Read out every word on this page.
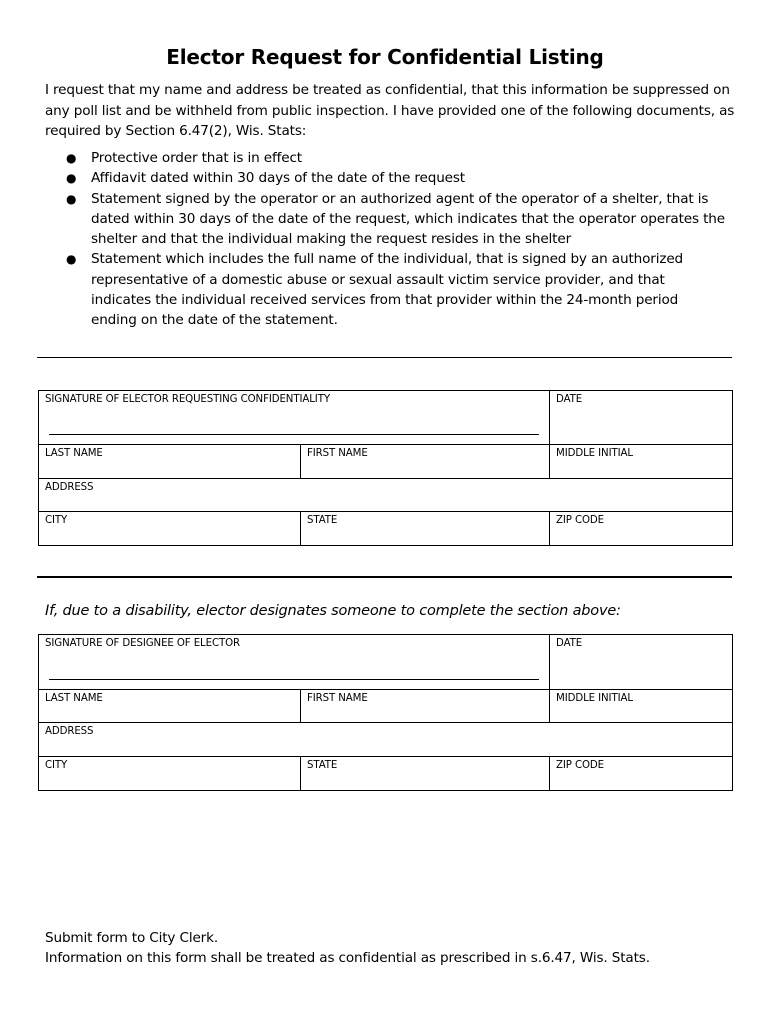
Elector Request for Confidential Listing
I request that my name and address be treated as confidential, that this information be suppressed on any poll list and be withheld from public inspection. I have provided one of the following documents, as required by Section 6.47(2), Wis. Stats:
● Protective order that is in effect
● Affidavit dated within 30 days of the date of the request
● Statement signed by the operator or an authorized agent of the operator of a shelter, that is dated within 30 days of the date of the request, which indicates that the operator operates the shelter and that the individual making the request resides in the shelter
● Statement which includes the full name of the individual, that is signed by an authorized representative of a domestic abuse or sexual assault victim service provider, and that indicates the individual received services from that provider within the 24-month period ending on the date of the statement.
SIGNATURE OF ELECTOR REQUESTING CONFIDENTIALITY		DATE
LAST NAME	FIRST NAME	MIDDLE INITIAL
ADDRESS		
CITY	STATE	ZIP CODE
If, due to a disability, elector designates someone to complete the section above:
SIGNATURE OF DESIGNEE OF ELECTOR		DATE
LAST NAME	FIRST NAME	MIDDLE INITIAL
ADDRESS		
CITY	STATE	ZIP CODE
Submit form to City Clerk.
Information on this form shall be treated as confidential as prescribed in s.6.47, Wis. Stats.
